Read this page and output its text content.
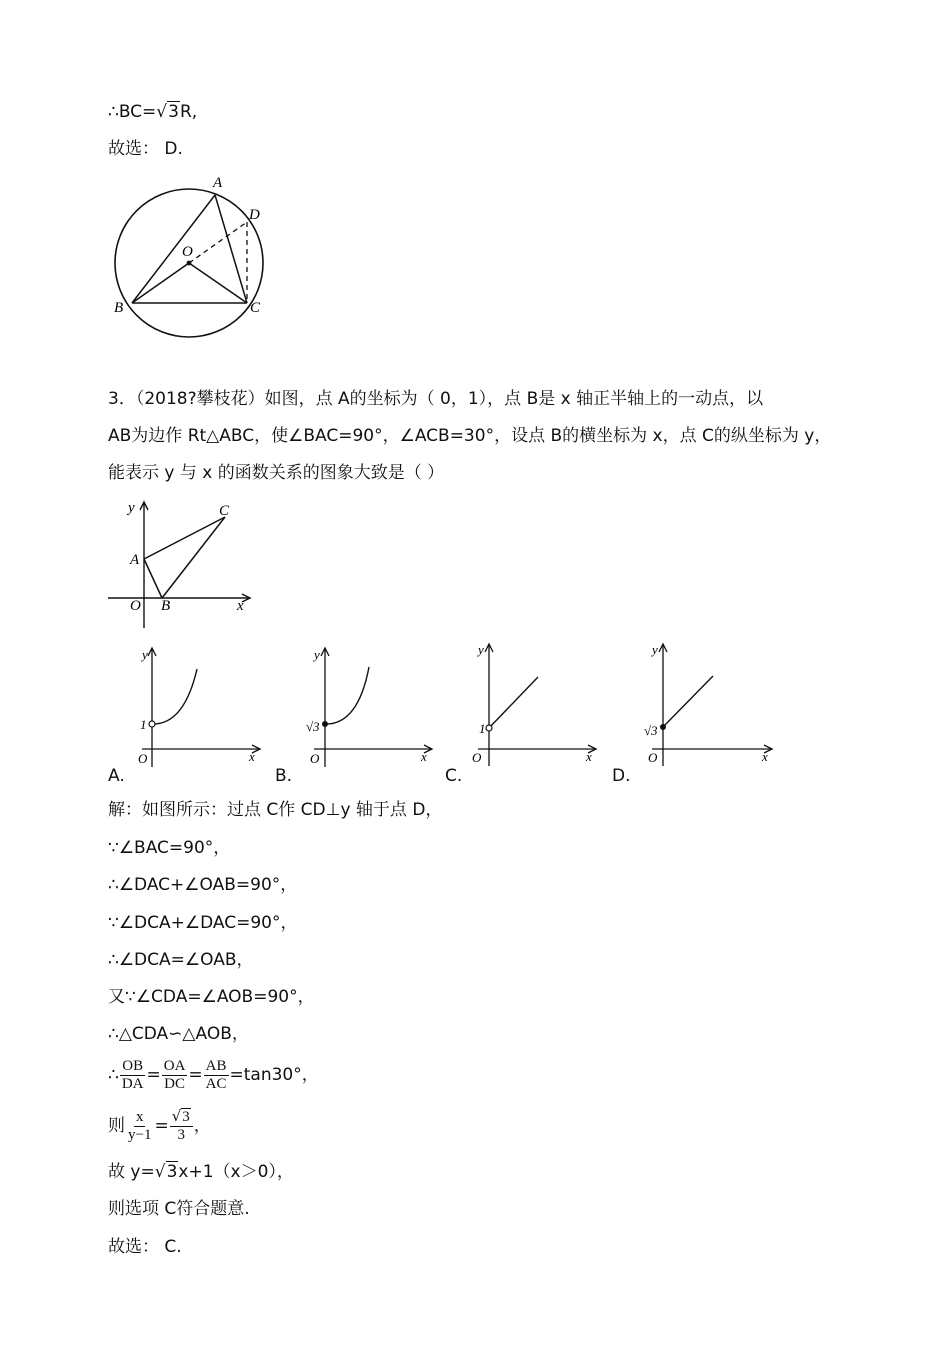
∴BC=√3R,
故选： D.
A
D
O
B	C
3．（2018?攀枝花）如图，点 A的坐标为（ 0，1），点 B是 x 轴正半轴上的一动点，以
AB为边作 Rt△ABC，使∠BAC=90°，∠ACB=30°，设点 B的横坐标为 x，点 C的纵坐标为 y，
能表示 y 与 x 的函数关系的图象大致是（ ）
y	C
A
O B	x
y
1
O	x
y
√ 3
O	x
y
1
O	x
y
√ 3
O	x
A.	B.	C.	D.
解：如图所示：过点 C作 CD⊥y 轴于点 D，
∵∠BAC=90°，
∴∠DAC+∠OAB=90°，
∵∠DCA+∠DAC=90°，
∴∠DCA=∠OAB，
又∵∠CDA=∠AOB=90°，
∴△CDA∽△AOB，
∴ $\frac{OB}{DA} = \frac{OA}{DC} = \frac{AB}{AC} =\tan 30^\circ$，
则 $\frac{x}{y-1} = \frac{√3}{3}$ ，
故 y=√3x+1（x＞0），
则选项 C符合题意.
故选： C.
